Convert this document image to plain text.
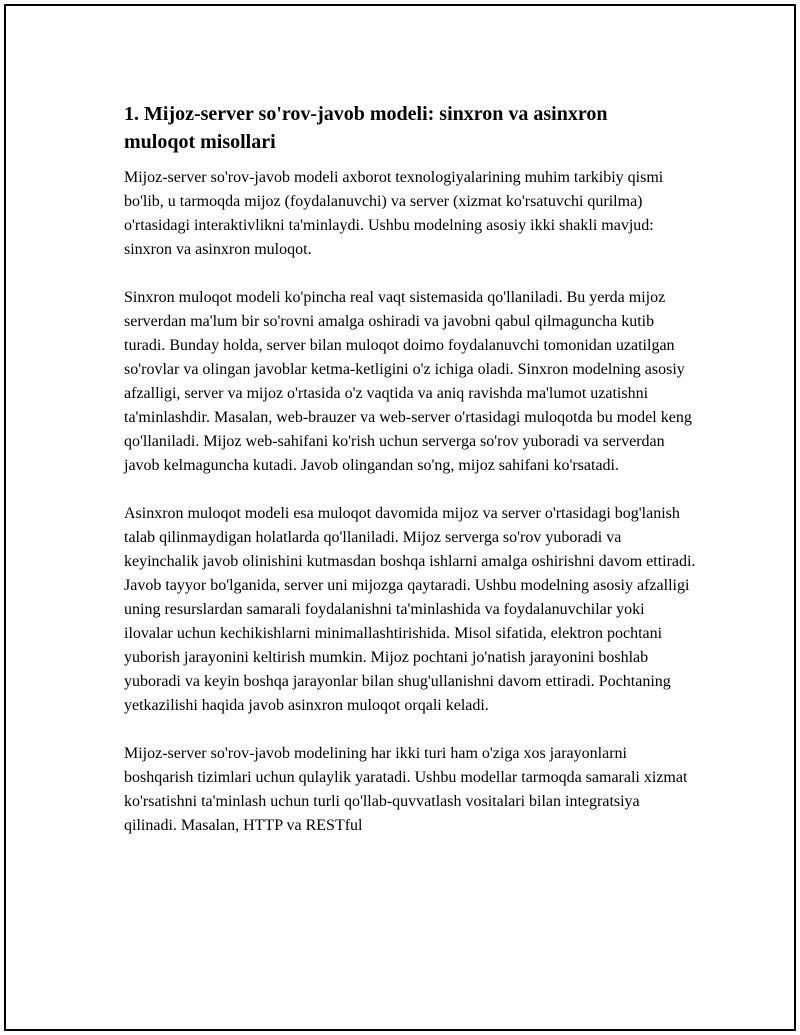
1. Mijoz-server so'rov-javob modeli: sinxron va asinxron muloqot misollari

Mijoz-server so'rov-javob modeli axborot texnologiyalarining muhim tarkibiy qismi bo'lib, u tarmoqda mijoz (foydalanuvchi) va server (xizmat ko'rsatuvchi qurilma) o'rtasidagi interaktivlikni ta'minlaydi. Ushbu modelning asosiy ikki shakli mavjud: sinxron va asinxron muloqot.

Sinxron muloqot modeli ko'pincha real vaqt sistemasida qo'llaniladi. Bu yerda mijoz serverdan ma'lum bir so'rovni amalga oshiradi va javobni qabul qilmaguncha kutib turadi. Bunday holda, server bilan muloqot doimo foydalanuvchi tomonidan uzatilgan so'rovlar va olingan javoblar ketma-ketligini o'z ichiga oladi. Sinxron modelning asosiy afzalligi, server va mijoz o'rtasida o'z vaqtida va aniq ravishda ma'lumot uzatishni ta'minlashdir. Masalan, web-brauzer va web-server o'rtasidagi muloqotda bu model keng qo'llaniladi. Mijoz web-sahifani ko'rish uchun serverga so'rov yuboradi va serverdan javob kelmaguncha kutadi. Javob olingandan so'ng, mijoz sahifani ko'rsatadi.

Asinxron muloqot modeli esa muloqot davomida mijoz va server o'rtasidagi bog'lanish talab qilinmaydigan holatlarda qo'llaniladi. Mijoz serverga so'rov yuboradi va keyinchalik javob olinishini kutmasdan boshqa ishlarni amalga oshirishni davom ettiradi. Javob tayyor bo'lganida, server uni mijozga qaytaradi. Ushbu modelning asosiy afzalligi uning resurslardan samarali foydalanishni ta'minlashida va foydalanuvchilar yoki ilovalar uchun kechikishlarni minimallashtirishida. Misol sifatida, elektron pochtani yuborish jarayonini keltirish mumkin. Mijoz pochtani jo'natish jarayonini boshlab yuboradi va keyin boshqa jarayonlar bilan shug'ullanishni davom ettiradi. Pochtaning yetkazilishi haqida javob asinxron muloqot orqali keladi.

Mijoz-server so'rov-javob modelining har ikki turi ham o'ziga xos jarayonlarni boshqarish tizimlari uchun qulaylik yaratadi. Ushbu modellar tarmoqda samarali xizmat ko'rsatishni ta'minlash uchun turli qo'llab-quvvatlash vositalari bilan integratsiya qilinadi. Masalan, HTTP va RESTful
